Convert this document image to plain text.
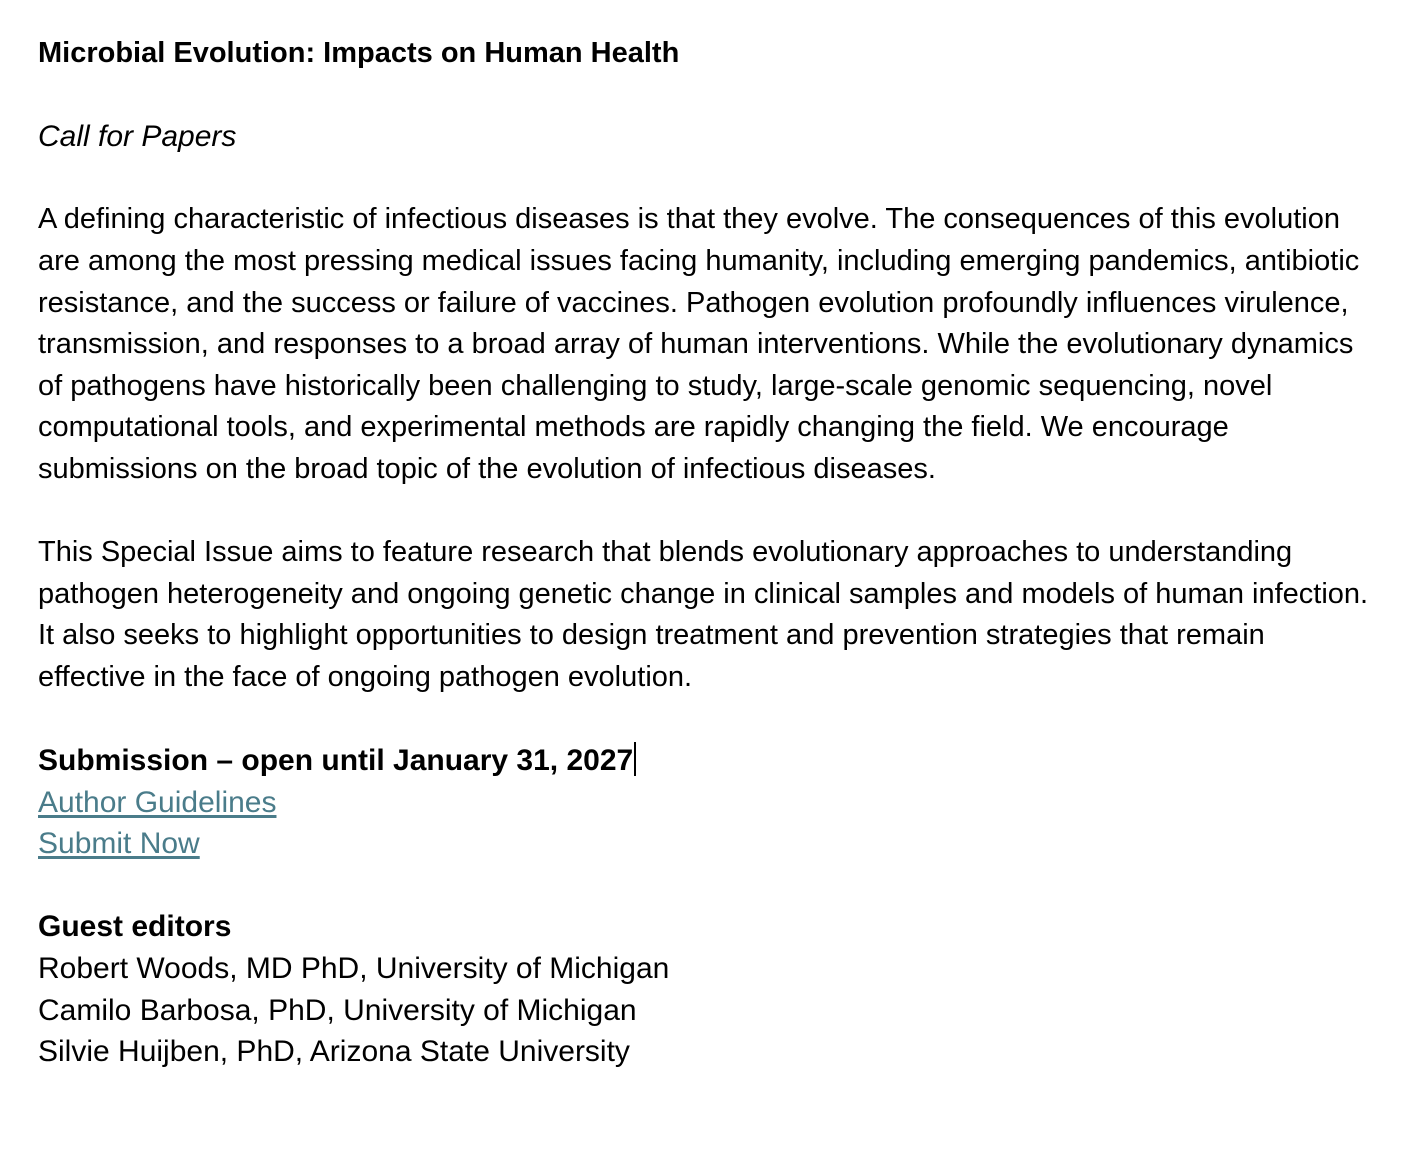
Microbial Evolution: Impacts on Human Health

Call for Papers

A defining characteristic of infectious diseases is that they evolve. The consequences of this evolution are among the most pressing medical issues facing humanity, including emerging pandemics, antibiotic resistance, and the success or failure of vaccines. Pathogen evolution profoundly influences virulence, transmission, and responses to a broad array of human interventions. While the evolutionary dynamics of pathogens have historically been challenging to study, large-scale genomic sequencing, novel computational tools, and experimental methods are rapidly changing the field. We encourage submissions on the broad topic of the evolution of infectious diseases.

This Special Issue aims to feature research that blends evolutionary approaches to understanding pathogen heterogeneity and ongoing genetic change in clinical samples and models of human infection. It also seeks to highlight opportunities to design treatment and prevention strategies that remain effective in the face of ongoing pathogen evolution.

Submission – open until January 31, 2027

Author Guidelines

Submit Now

Guest editors

Robert Woods, MD PhD, University of Michigan

Camilo Barbosa, PhD, University of Michigan

Silvie Huijben, PhD, Arizona State University
